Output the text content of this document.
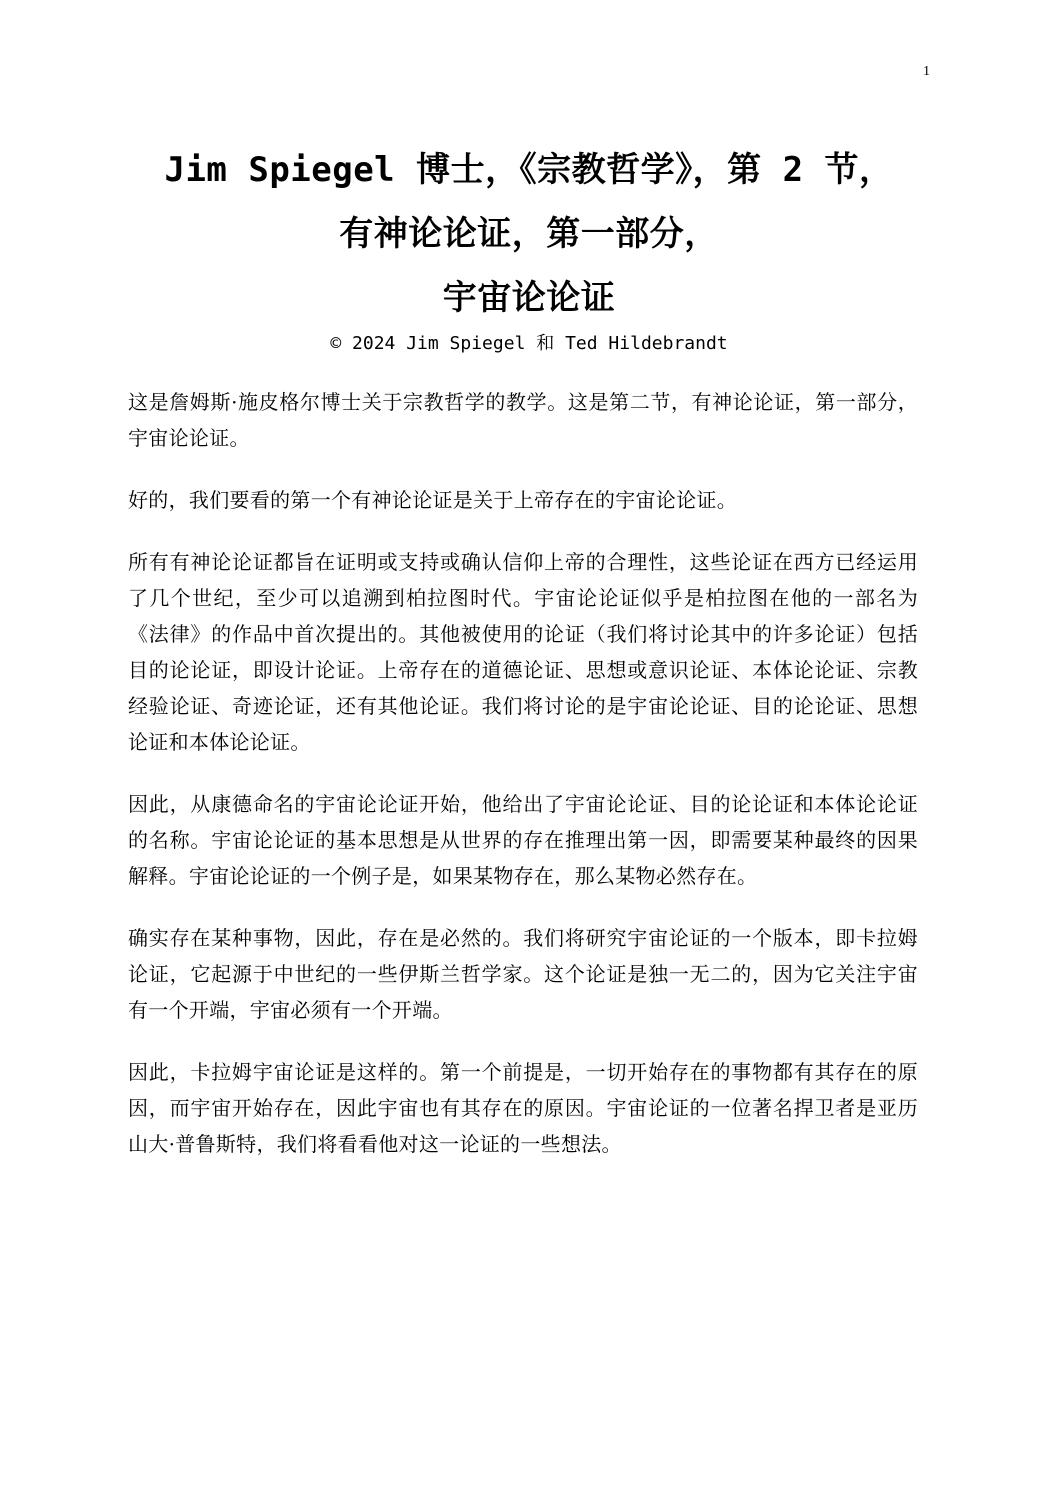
1
Jim Spiegel 博士，《宗教哲学》，第 2 节，
有神论论证，第一部分，
宇宙论论证
© 2024 Jim Spiegel 和 Ted Hildebrandt

这是詹姆斯·施皮格尔博士关于宗教哲学的教学。这是第二节，有神论论证，第一部分，宇宙论论证。

好的，我们要看的第一个有神论论证是关于上帝存在的宇宙论论证。

所有有神论论证都旨在证明或支持或确认信仰上帝的合理性，这些论证在西方已经运用了几个世纪，至少可以追溯到柏拉图时代。宇宙论论证似乎是柏拉图在他的一部名为《法律》的作品中首次提出的。其他被使用的论证（我们将讨论其中的许多论证）包括目的论论证，即设计论证。上帝存在的道德论证、思想或意识论证、本体论论证、宗教经验论证、奇迹论证，还有其他论证。我们将讨论的是宇宙论论证、目的论论证、思想论证和本体论论证。

因此，从康德命名的宇宙论论证开始，他给出了宇宙论论证、目的论论证和本体论论证的名称。宇宙论论证的基本思想是从世界的存在推理出第一因，即需要某种最终的因果解释。宇宙论论证的一个例子是，如果某物存在，那么某物必然存在。

确实存在某种事物，因此，存在是必然的。我们将研究宇宙论证的一个版本，即卡拉姆论证，它起源于中世纪的一些伊斯兰哲学家。这个论证是独一无二的，因为它关注宇宙有一个开端，宇宙必须有一个开端。

因此，卡拉姆宇宙论证是这样的。第一个前提是，一切开始存在的事物都有其存在的原因，而宇宙开始存在，因此宇宙也有其存在的原因。宇宙论证的一位著名捍卫者是亚历山大·普鲁斯特，我们将看看他对这一论证的一些想法。
